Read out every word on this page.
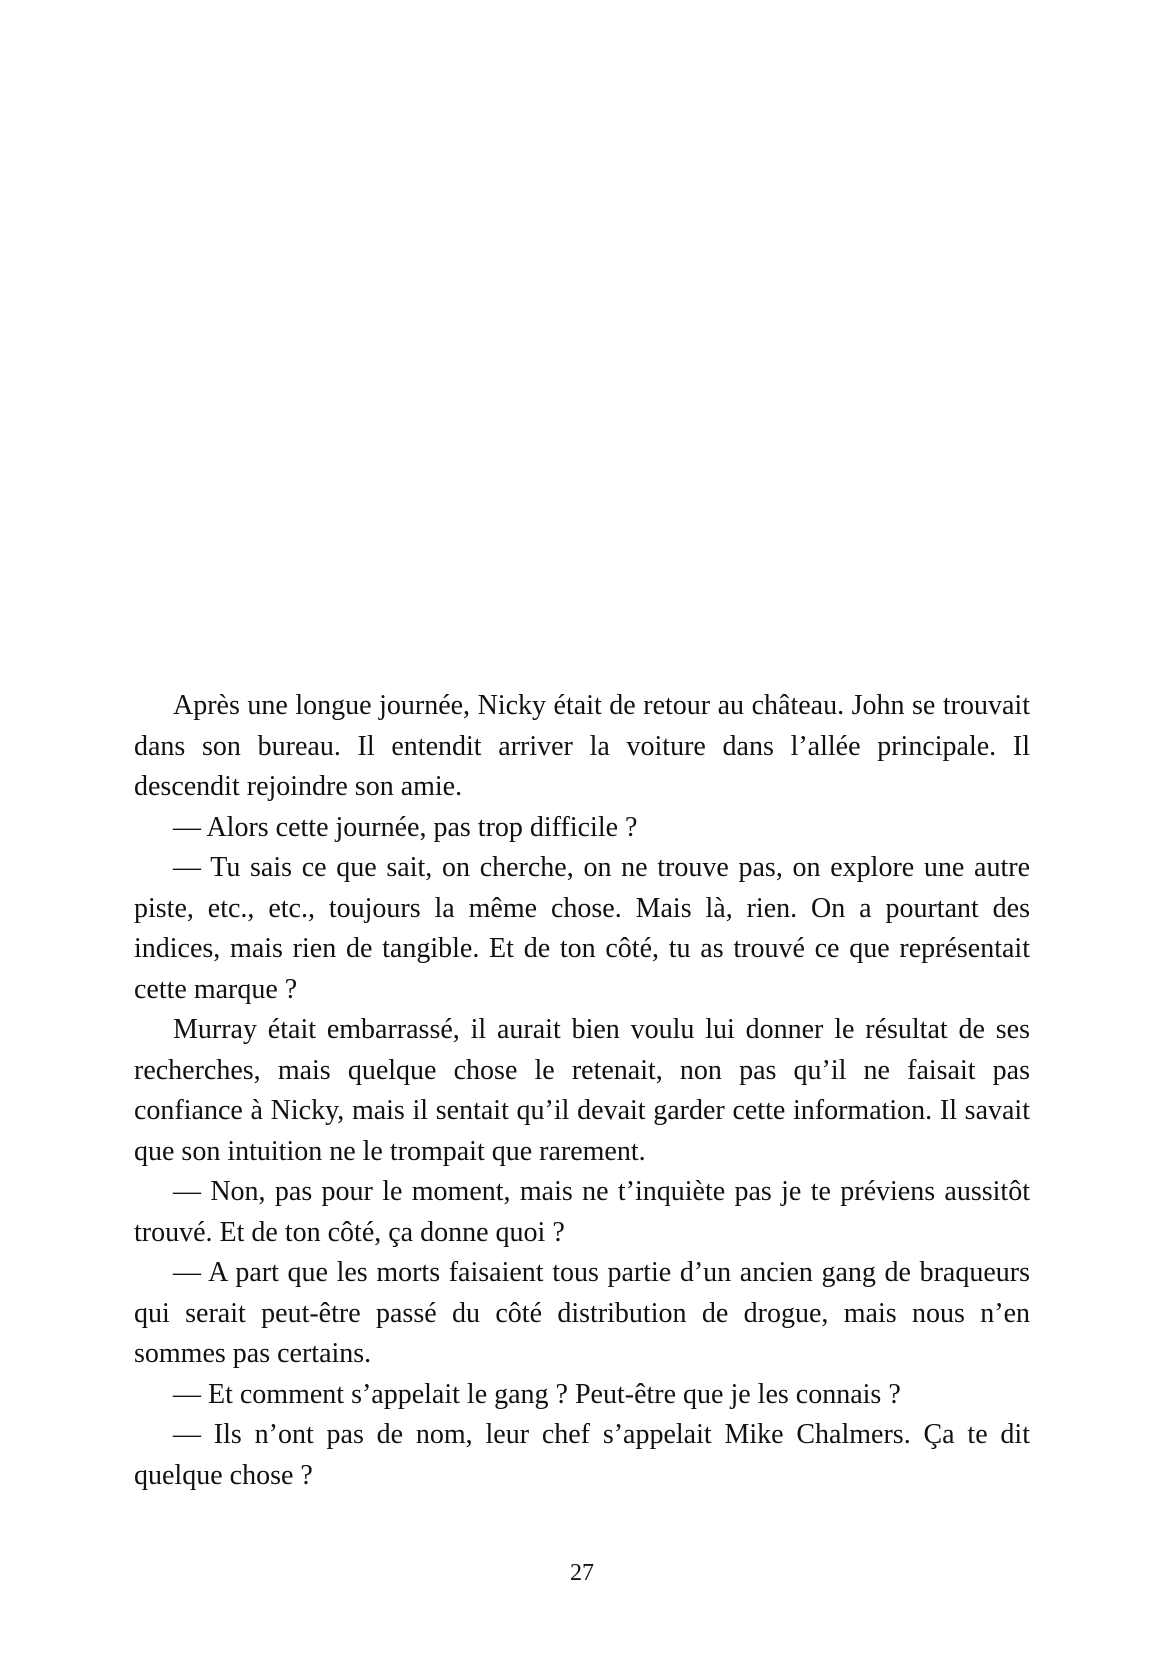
Après une longue journée, Nicky était de retour au château. John se trouvait dans son bureau. Il entendit arriver la voiture dans l’allée principale. Il descendit rejoindre son amie.

— Alors cette journée, pas trop difficile ?

— Tu sais ce que sait, on cherche, on ne trouve pas, on explore une autre piste, etc., etc., toujours la même chose. Mais là, rien. On a pourtant des indices, mais rien de tangible. Et de ton côté, tu as trouvé ce que représentait cette marque ?

Murray était embarrassé, il aurait bien voulu lui donner le résultat de ses recherches, mais quelque chose le retenait, non pas qu’il ne faisait pas confiance à Nicky, mais il sentait qu’il devait garder cette information. Il savait que son intuition ne le trompait que rarement.

— Non, pas pour le moment, mais ne t’inquiète pas je te préviens aussitôt trouvé. Et de ton côté, ça donne quoi ?

— A part que les morts faisaient tous partie d’un ancien gang de braqueurs qui serait peut-être passé du côté distribution de drogue, mais nous n’en sommes pas certains.

— Et comment s’appelait le gang ? Peut-être que je les connais ?

— Ils n’ont pas de nom, leur chef s’appelait Mike Chalmers. Ça te dit quelque chose ?

27
